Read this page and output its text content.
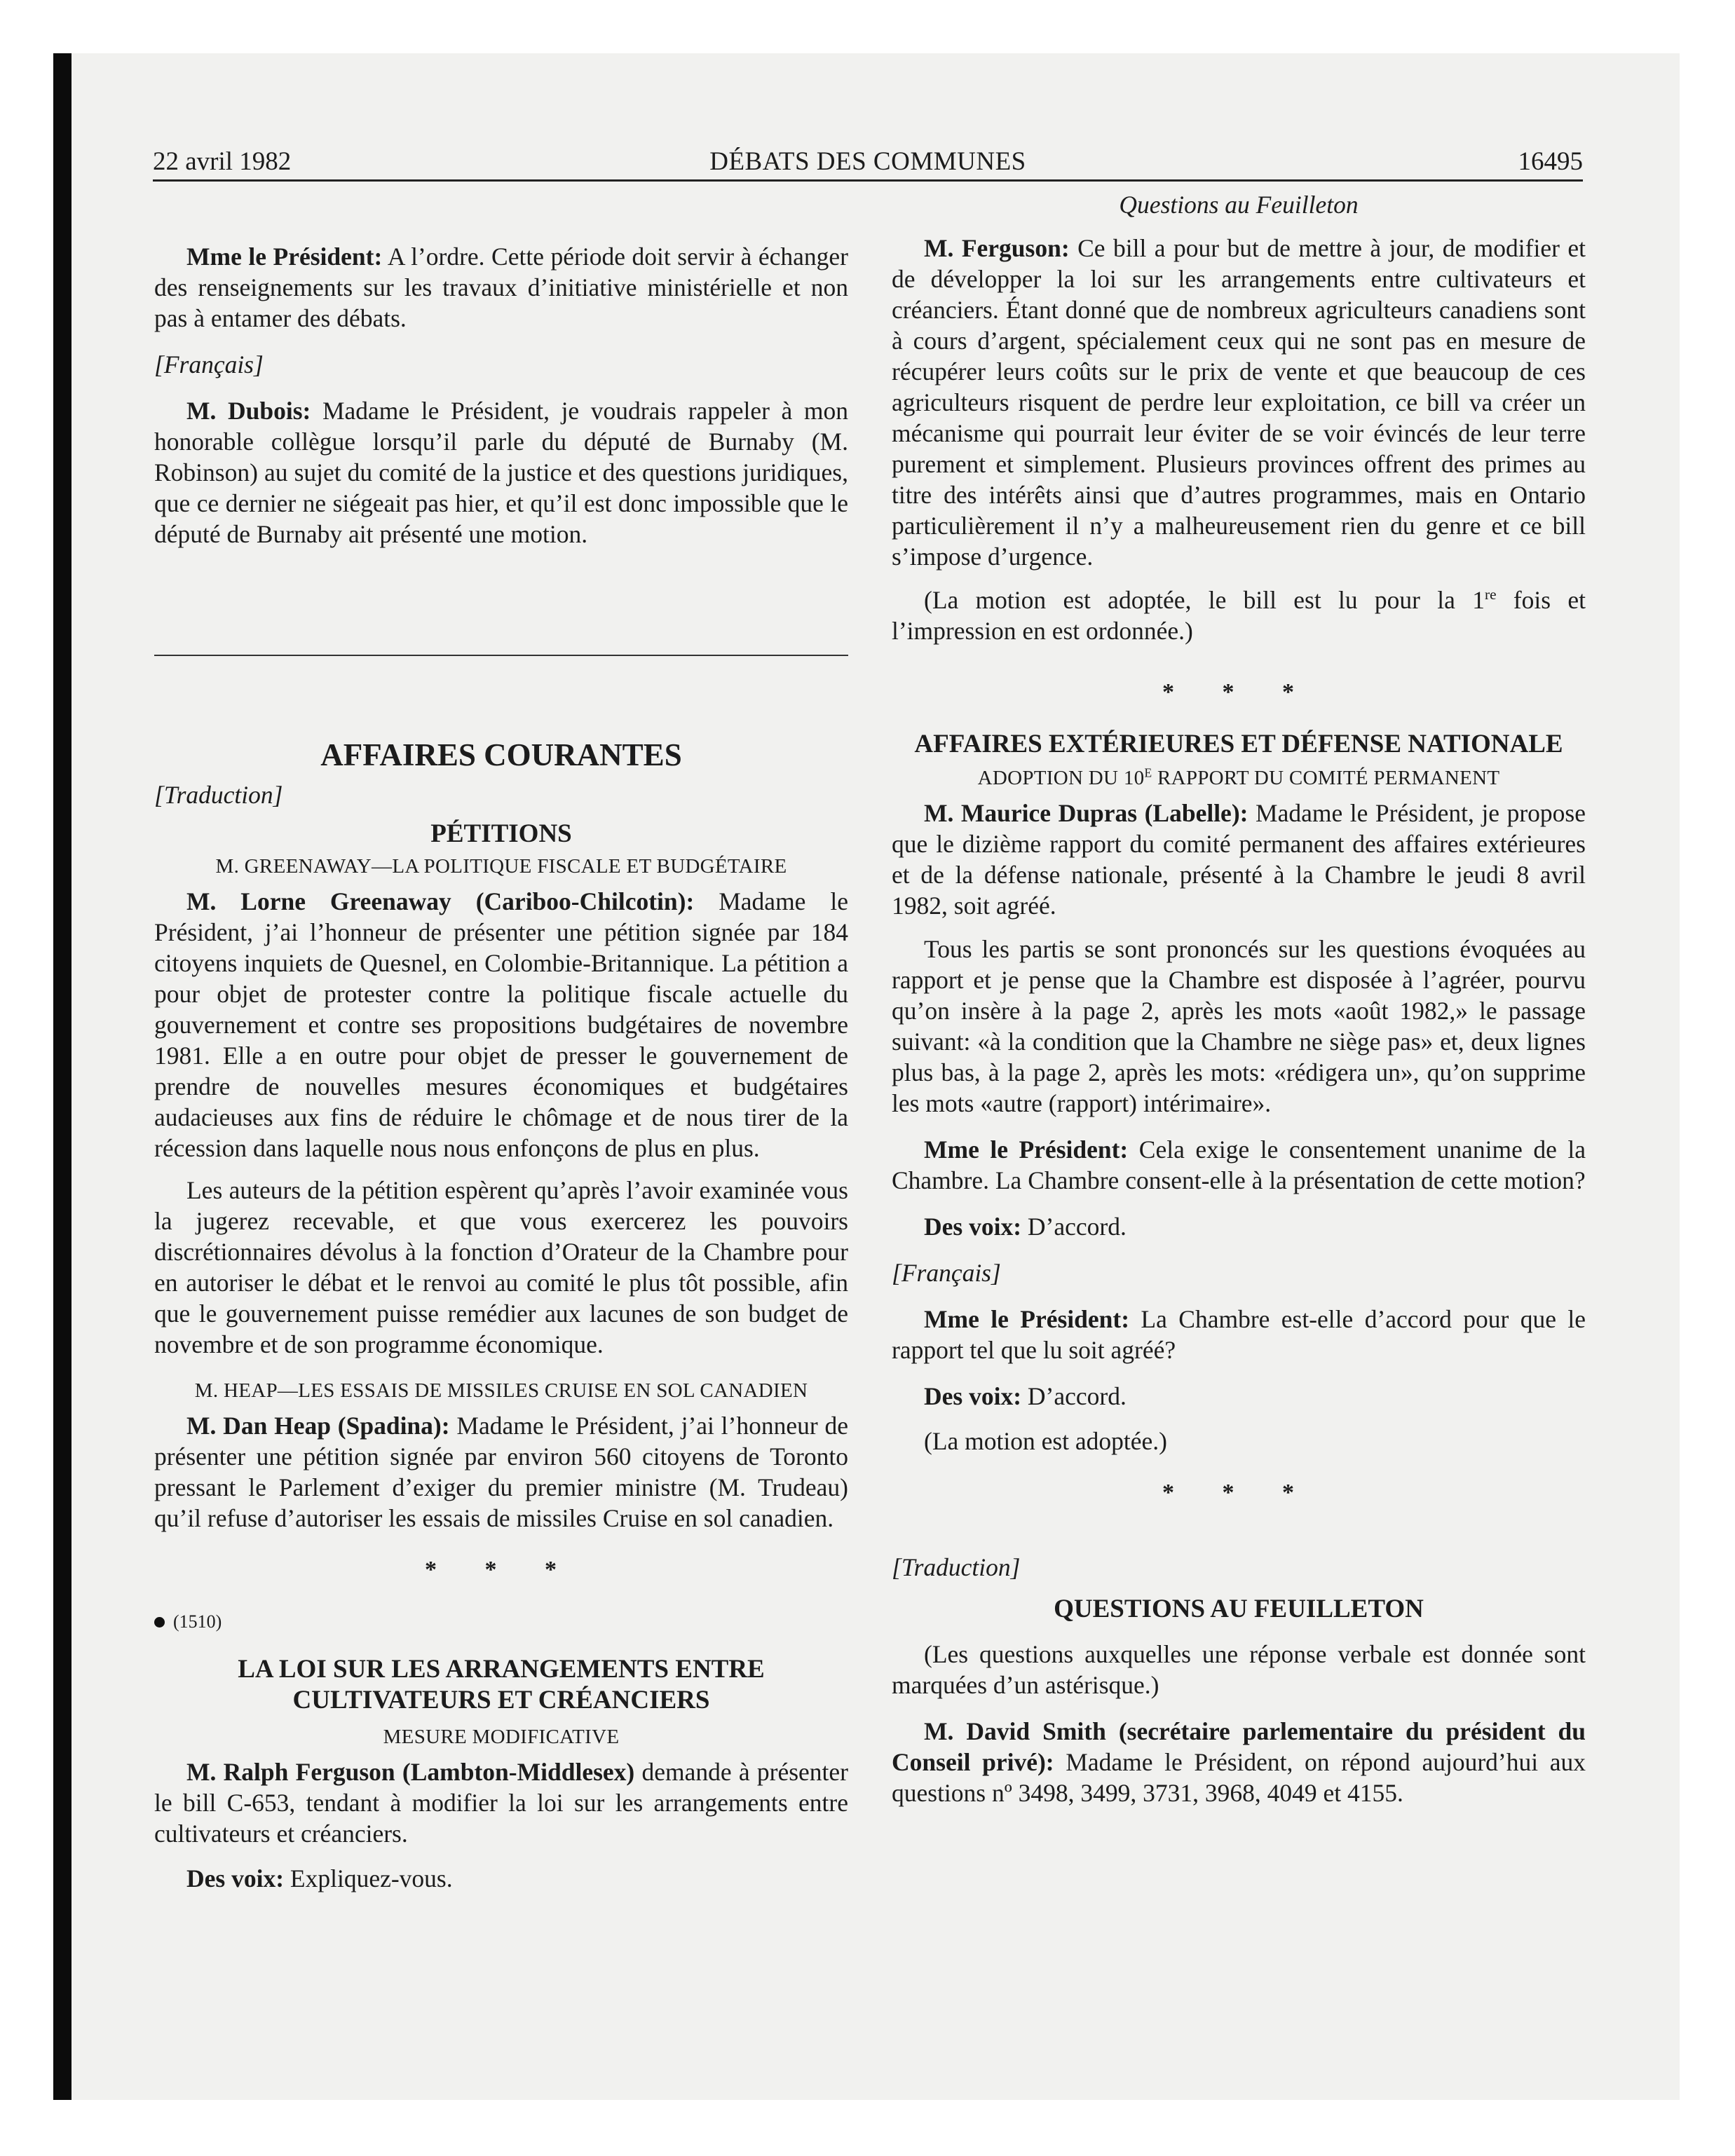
22 avril 1982	DÉBATS DES COMMUNES	16495

Mme le Président: A l’ordre. Cette période doit servir à échanger des renseignements sur les travaux d’initiative ministérielle et non pas à entamer des débats.

[Français]

M. Dubois: Madame le Président, je voudrais rappeler à mon honorable collègue lorsqu’il parle du député de Burnaby (M. Robinson) au sujet du comité de la justice et des questions juridiques, que ce dernier ne siégeait pas hier, et qu’il est donc impossible que le député de Burnaby ait présenté une motion.

AFFAIRES COURANTES

[Traduction]

PÉTITIONS
M. GREENAWAY—LA POLITIQUE FISCALE ET BUDGÉTAIRE

M. Lorne Greenaway (Cariboo-Chilcotin): Madame le Président, j’ai l’honneur de présenter une pétition signée par 184 citoyens inquiets de Quesnel, en Colombie-Britannique. La pétition a pour objet de protester contre la politique fiscale actuelle du gouvernement et contre ses propositions budgétaires de novembre 1981. Elle a en outre pour objet de presser le gouvernement de prendre de nouvelles mesures économiques et budgétaires audacieuses aux fins de réduire le chômage et de nous tirer de la récession dans laquelle nous nous enfonçons de plus en plus.

Les auteurs de la pétition espèrent qu’après l’avoir examinée vous la jugerez recevable, et que vous exercerez les pouvoirs discrétionnaires dévolus à la fonction d’Orateur de la Chambre pour en autoriser le débat et le renvoi au comité le plus tôt possible, afin que le gouvernement puisse remédier aux lacunes de son budget de novembre et de son programme économique.

M. HEAP—LES ESSAIS DE MISSILES CRUISE EN SOL CANADIEN

M. Dan Heap (Spadina): Madame le Président, j’ai l’honneur de présenter une pétition signée par environ 560 citoyens de Toronto pressant le Parlement d’exiger du premier ministre (M. Trudeau) qu’il refuse d’autoriser les essais de missiles Cruise en sol canadien.

* * *
(1510)
LA LOI SUR LES ARRANGEMENTS ENTRE
CULTIVATEURS ET CRÉANCIERS
MESURE MODIFICATIVE

M. Ralph Ferguson (Lambton-Middlesex) demande à présenter le bill C-653, tendant à modifier la loi sur les arrangements entre cultivateurs et créanciers.

Des voix: Expliquez-vous.

Questions au Feuilleton

M. Ferguson: Ce bill a pour but de mettre à jour, de modifier et de développer la loi sur les arrangements entre cultivateurs et créanciers. Étant donné que de nombreux agriculteurs canadiens sont à cours d’argent, spécialement ceux qui ne sont pas en mesure de récupérer leurs coûts sur le prix de vente et que beaucoup de ces agriculteurs risquent de perdre leur exploitation, ce bill va créer un mécanisme qui pourrait leur éviter de se voir évincés de leur terre purement et simplement. Plusieurs provinces offrent des primes au titre des intérêts ainsi que d’autres programmes, mais en Ontario particulièrement il n’y a malheureusement rien du genre et ce bill s’impose d’urgence.

(La motion est adoptée, le bill est lu pour la 1re fois et l’impression en est ordonnée.)

* * *
AFFAIRES EXTÉRIEURES ET DÉFENSE NATIONALE
ADOPTION DU $10^E$ RAPPORT DU COMITÉ PERMANENT

M. Maurice Dupras (Labelle): Madame le Président, je propose que le dizième rapport du comité permanent des affaires extérieures et de la défense nationale, présenté à la Chambre le jeudi 8 avril 1982, soit agréé.

Tous les partis se sont prononcés sur les questions évoquées au rapport et je pense que la Chambre est disposée à l’agréer, pourvu qu’on insère à la page 2, après les mots «août 1982,» le passage suivant: «à la condition que la Chambre ne siège pas» et, deux lignes plus bas, à la page 2, après les mots: «rédigera un», qu’on supprime les mots «autre (rapport) intérimaire».

Mme le Président: Cela exige le consentement unanime de la Chambre. La Chambre consent-elle à la présentation de cette motion?

Des voix: D’accord.

[Français]

Mme le Président: La Chambre est-elle d’accord pour que le rapport tel que lu soit agréé?

Des voix: D’accord.

(La motion est adoptée.)

* * *

[Traduction]

QUESTIONS AU FEUILLETON

(Les questions auxquelles une réponse verbale est donnée sont marquées d’un astérisque.)

M. David Smith (secrétaire parlementaire du président du Conseil privé): Madame le Président, on répond aujourd’hui aux questions nº 3498, 3499, 3731, 3968, 4049 et 4155.
